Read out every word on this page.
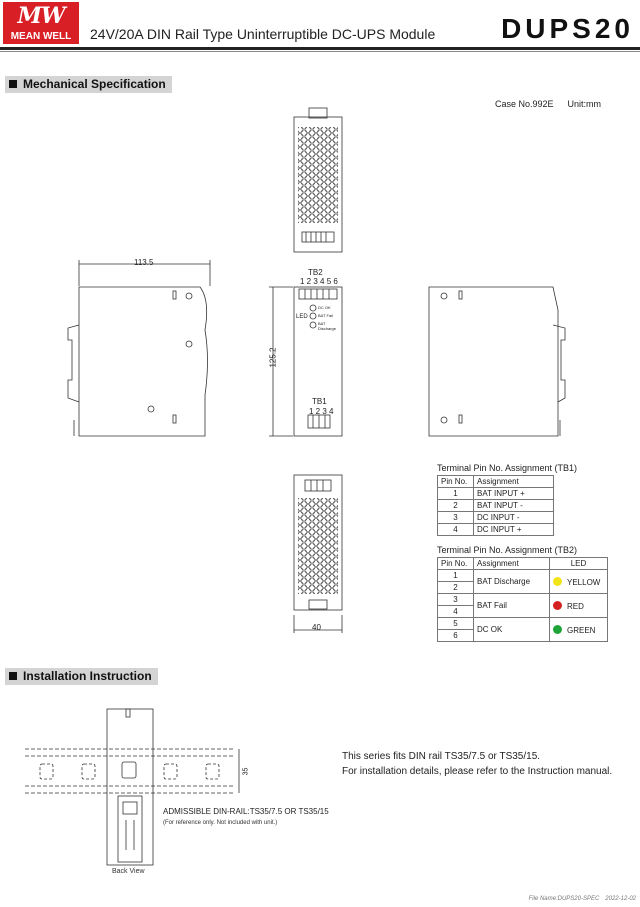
MW
MEAN WELL	24V/20A DIN Rail Type Uninterruptible DC-UPS Module DUPS20
Mechanical Specification
Case No.992E Unit:mm
113.5
125.2
40
TB2
1 2 3 4 5 6
LED
DC OK
BAT Fail
BAT Discharge
TB1
1 2 3 4
35
Terminal Pin No. Assignment (TB1)
Pin No.	Assignment
1	BAT INPUT +
2	BAT INPUT -
3	DC INPUT -
4	DC INPUT +
Terminal Pin No. Assignment (TB2)
Pin No.	Assignment	LED
1	BAT Discharge	YELLOW
2		
3	BAT Fail	RED
4		
5	DC OK	GREEN
6		
Installation Instruction
This series fits DIN rail TS35/7.5 or TS35/15.
For installation details, please refer to the Instruction manual.
ADMISSIBLE DIN-RAIL:TS35/7.5 OR TS35/15
(For reference only. Not included with unit.)
Back View
File Name:DUPS20-SPEC 2022-12-02
